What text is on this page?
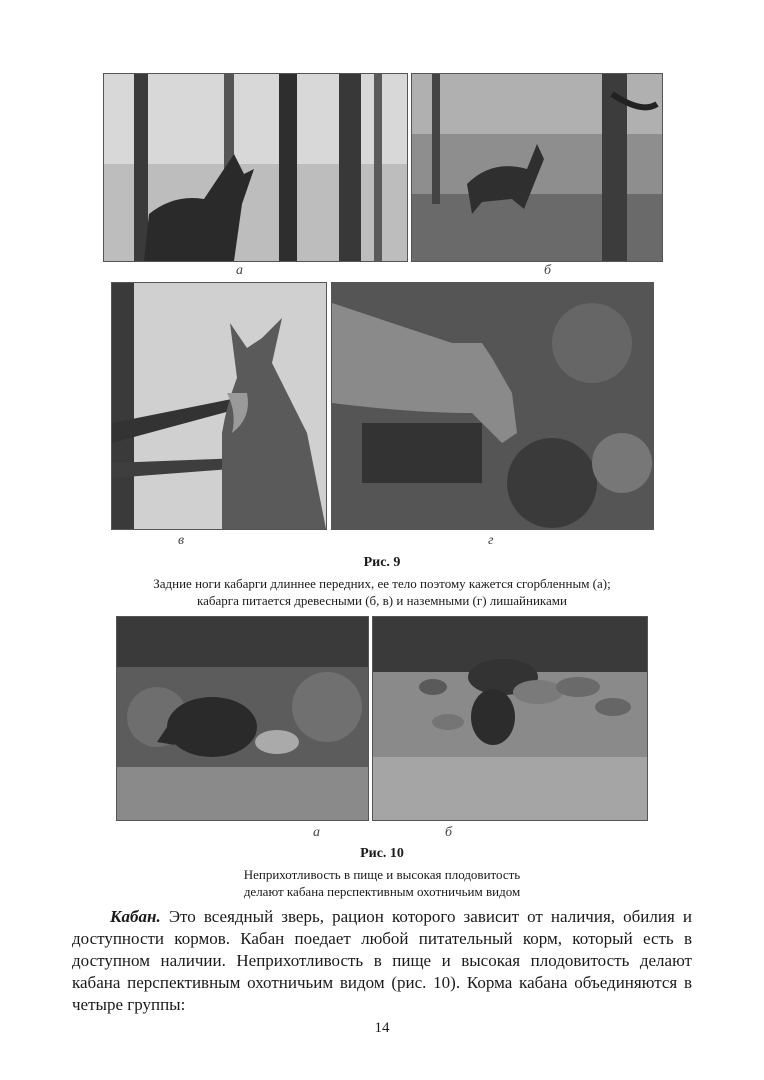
а	б
в	г
Рис. 9
Задние ноги кабарги длиннее передних, ее тело поэтому кажется сгорбленным (а);
кабарга питается древесными (б, в) и наземными (г) лишайниками
а	б
Рис. 10
Неприхотливость в пище и высокая плодовитость
делают кабана перспективным охотничьим видом
Кабан. Это всеядный зверь, рацион которого зависит от наличия, обилия и доступности кормов. Кабан поедает любой питательный корм, который есть в доступном наличии. Неприхотливость в пище и высокая плодовитость делают кабана перспективным охотничьим видом (рис. 10). Корма кабана объединяются в четыре группы:
14
